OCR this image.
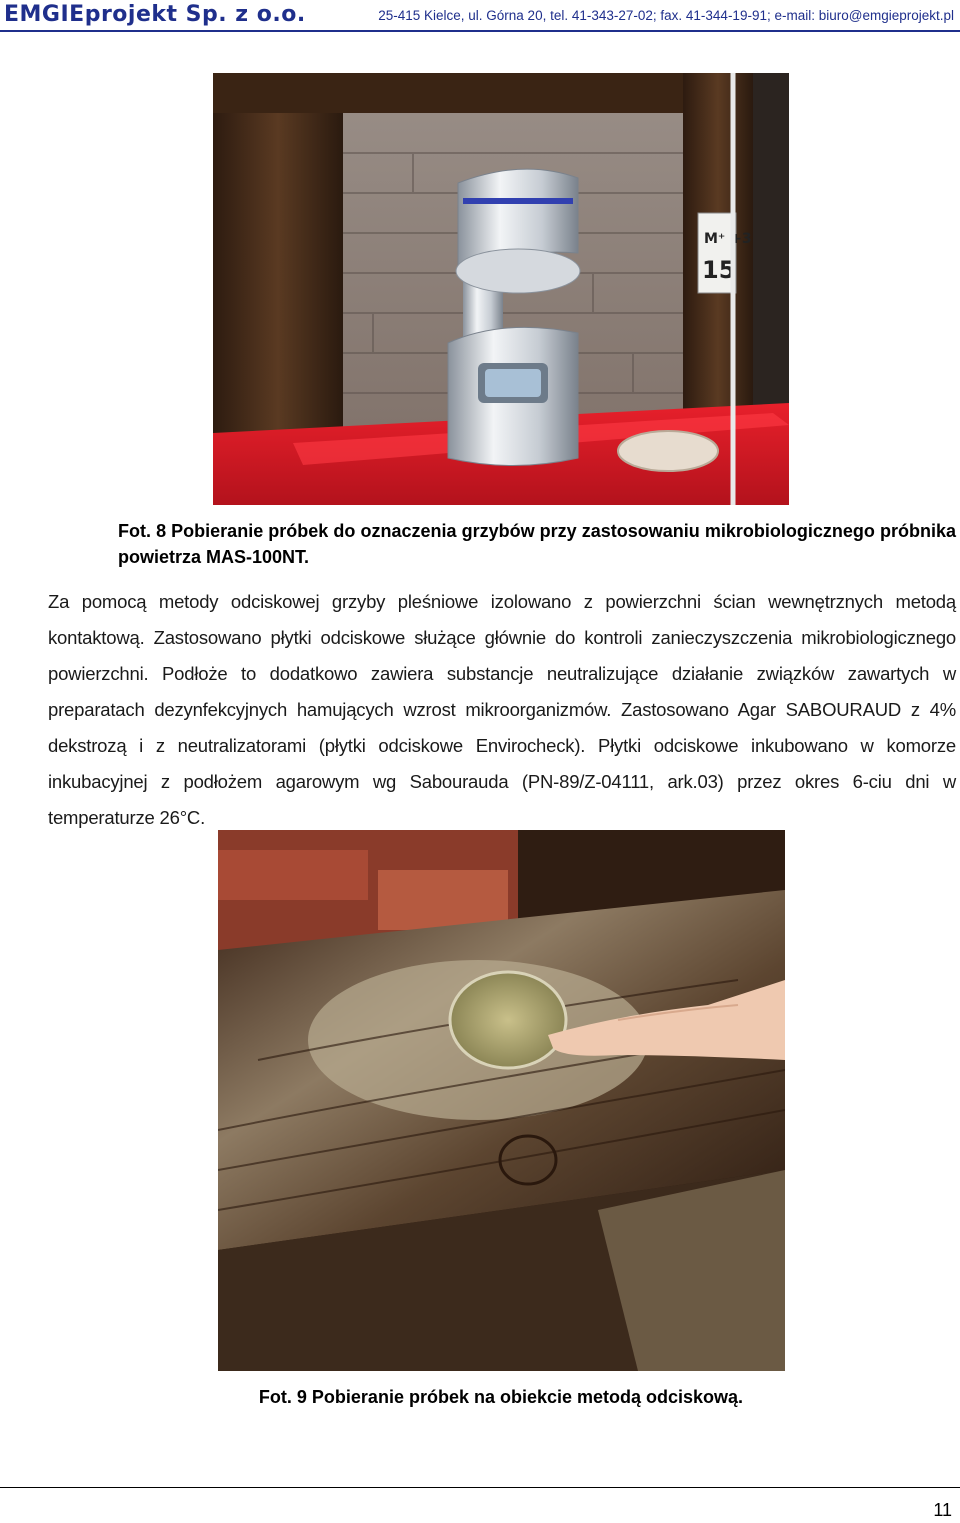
EMGIEprojekt Sp. z o.o.	25-415 Kielce, ul. Górna 20, tel. 41-343-27-02; fax. 41-344-19-91; e-mail: biuro@emgieprojekt.pl
M⁺ +3
15
Fot. 8 Pobieranie próbek do oznaczenia grzybów przy zastosowaniu mikrobiologicznego próbnika powietrza MAS-100NT.
Za pomocą metody odciskowej grzyby pleśniowe izolowano z powierzchni ścian wewnętrznych metodą kontaktową. Zastosowano płytki odciskowe służące głównie do kontroli zanieczyszczenia mikrobiologicznego powierzchni. Podłoże to dodatkowo zawiera substancje neutralizujące działanie związków zawartych w preparatach dezynfekcyjnych hamujących wzrost mikroorganizmów. Zastosowano Agar SABOURAUD z 4% dekstrozą i z neutralizatorami (płytki odciskowe Envirocheck). Płytki odciskowe inkubowano w komorze inkubacyjnej z podłożem agarowym wg Sabourauda (PN-89/Z-04111, ark.03) przez okres 6-ciu dni w temperaturze 26°C.
Fot. 9 Pobieranie próbek na obiekcie metodą odciskową.
11
